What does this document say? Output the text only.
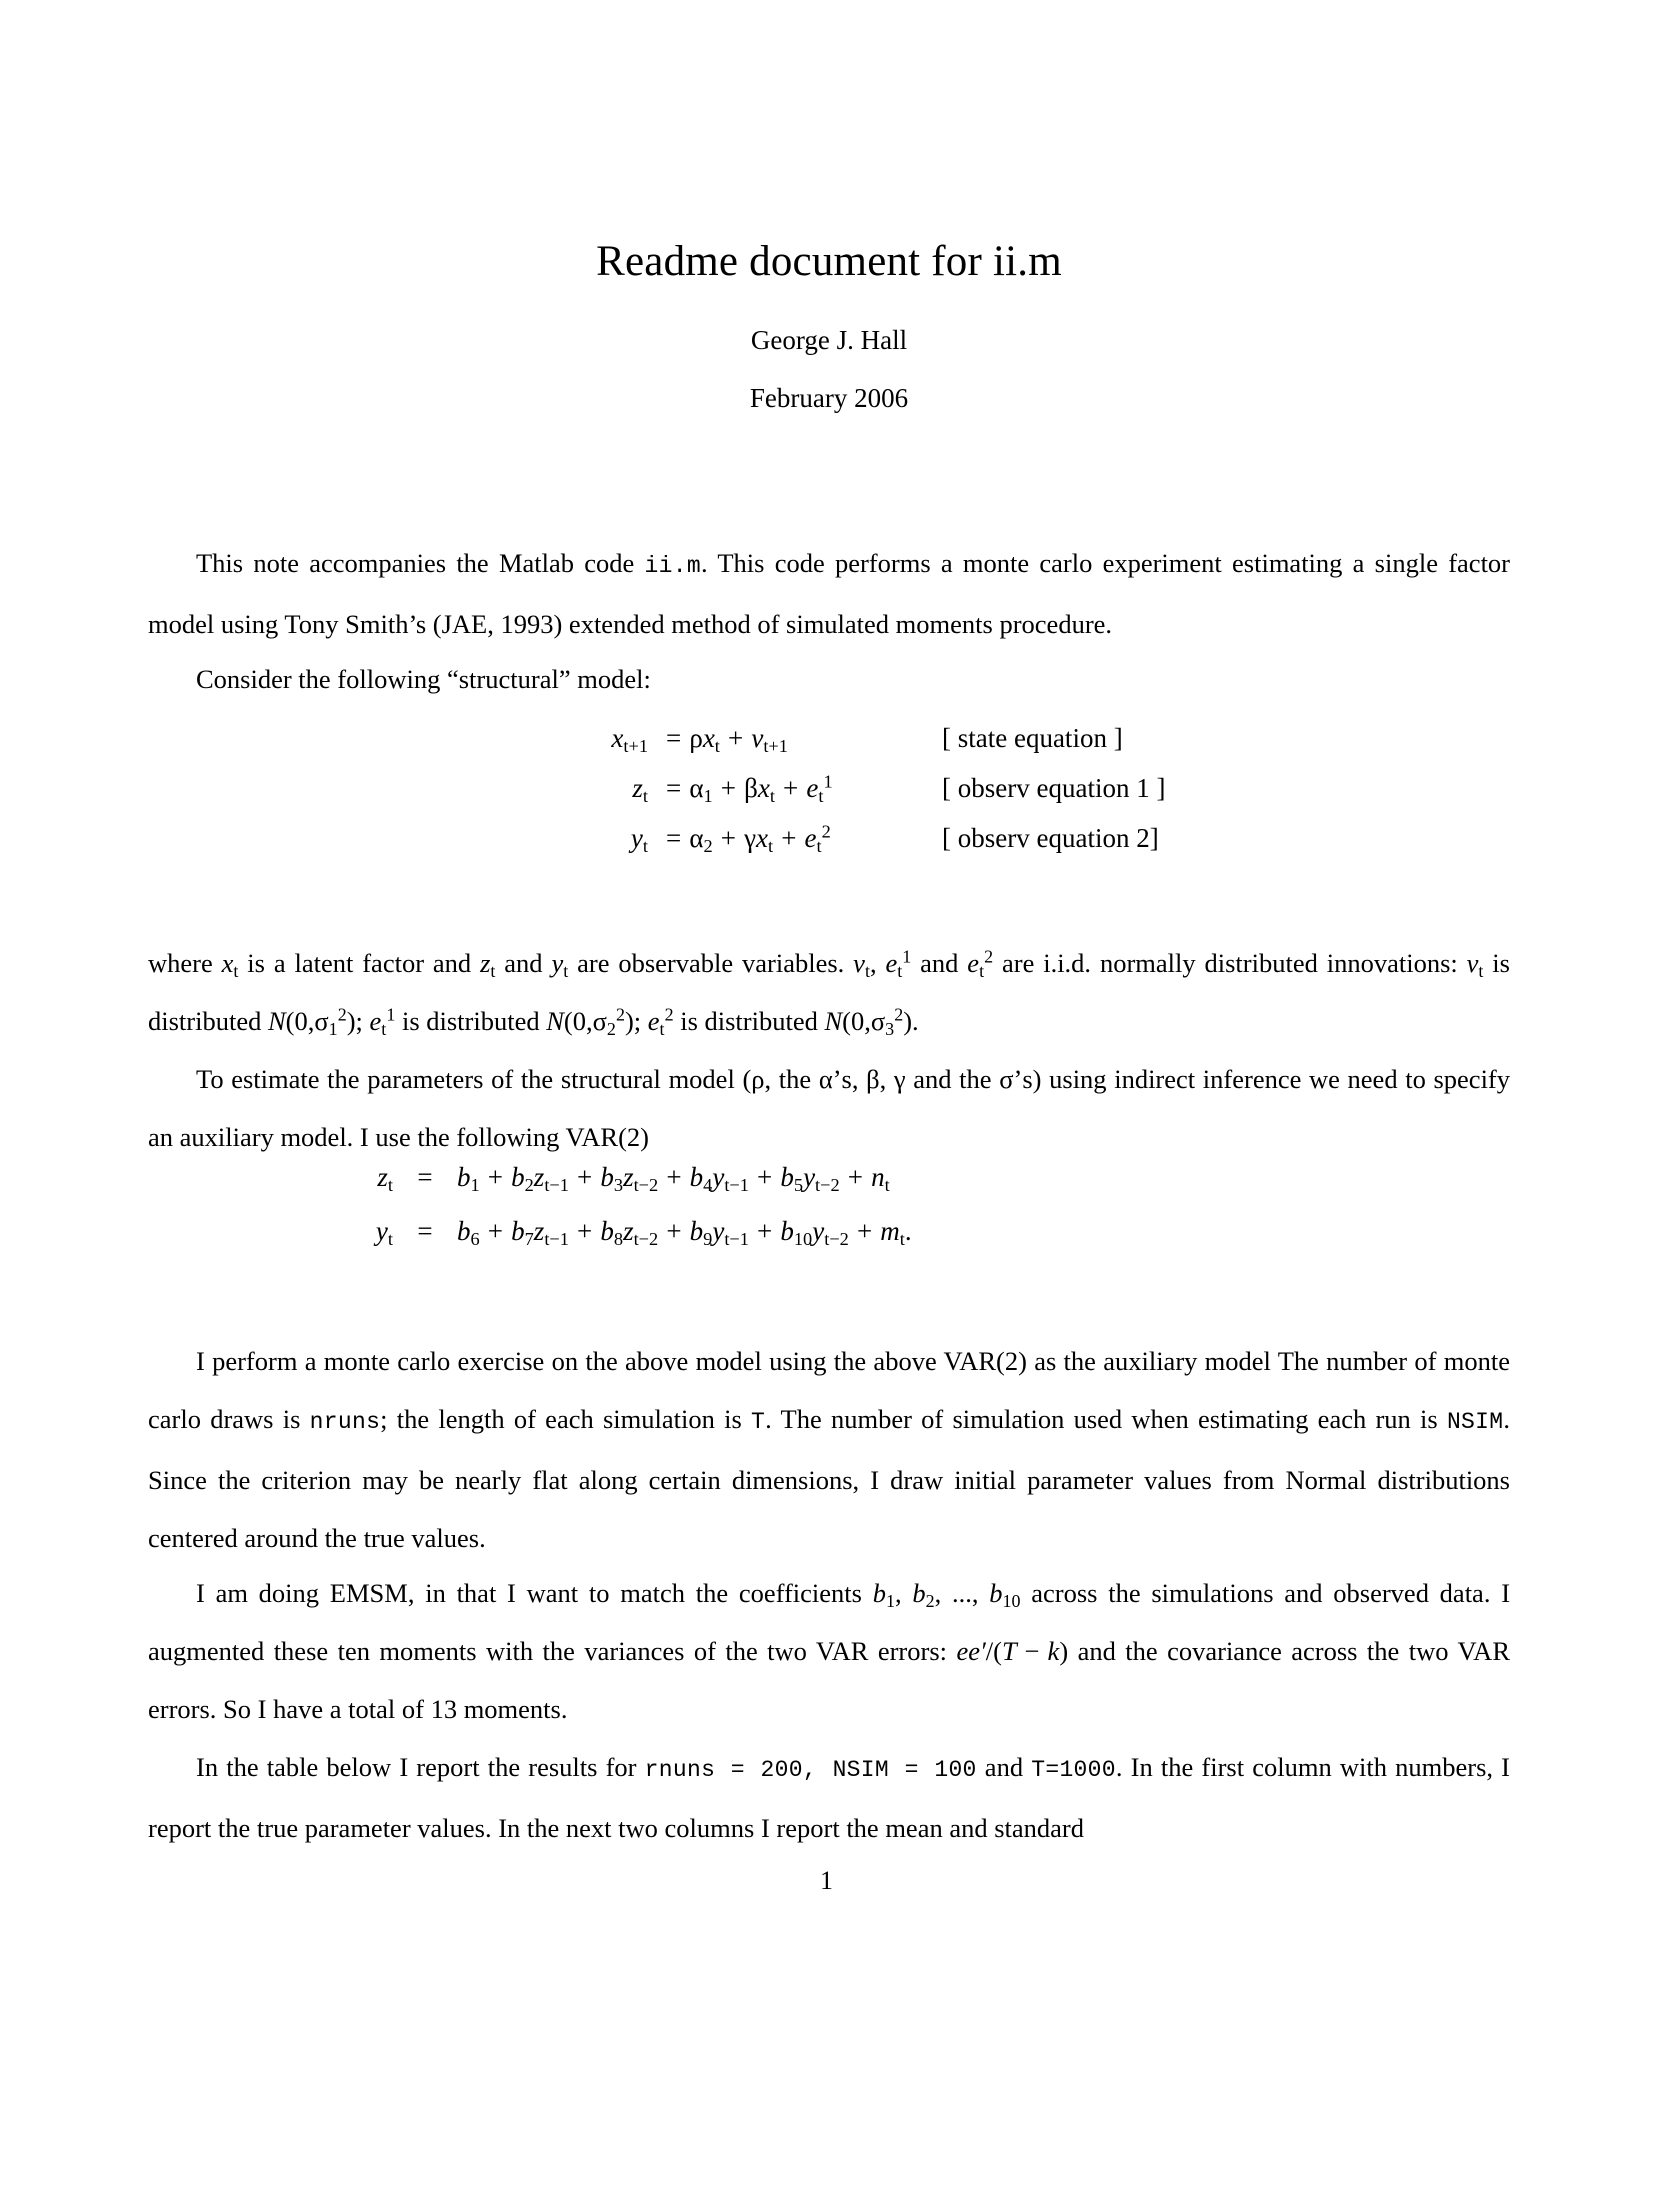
Readme document for ii.m
George J. Hall
February 2006
This note accompanies the Matlab code ii.m. This code performs a monte carlo experiment estimating a single factor model using Tony Smith’s (JAE, 1993) extended method of simulated moments procedure.
Consider the following “structural” model:
$x_{t+1} = \rho x_t + v_{t+1}$	[ state equation ]
$z_t = \alpha_1 + \beta x_t + e_t^1$	[ observ equation 1 ]
$y_t = \alpha_2 + \gamma x_t + e_t^2$	[ observ equation 2]
where $x_t$ is a latent factor and $z_t$ and $y_t$ are observable variables. $v_t$, $e_t^1$ and $e_t^2$ are i.i.d. normally distributed innovations: $v_t$ is distributed $N(0,\sigma_1^2)$; $e_t^1$ is distributed $N(0,\sigma_2^2)$; $e_t^2$ is distributed $N(0,\sigma_3^2)$.
To estimate the parameters of the structural model (ρ, the α’s, β, γ and the σ’s) using indirect inference we need to specify an auxiliary model. I use the following VAR(2)
$z_t = b_1 + b_2z_{t-1} + b_3z_{t-2} + b_4y_{t-1} + b_5y_{t-2} + n_t$
$y_t = b_6 + b_7z_{t-1} + b_8z_{t-2} + b_9y_{t-1} + b_{10}y_{t-2} + m_t$.
I perform a monte carlo exercise on the above model using the above VAR(2) as the auxiliary model The number of monte carlo draws is nruns; the length of each simulation is T. The number of simulation used when estimating each run is NSIM. Since the criterion may be nearly flat along certain dimensions, I draw initial parameter values from Normal distributions centered around the true values.
I am doing EMSM, in that I want to match the coefficients $b_1$, $b_2$, ..., $b_{10}$ across the simulations and observed data. I augmented these ten moments with the variances of the two VAR errors: ee′/(T − k) and the covariance across the two VAR errors. So I have a total of 13 moments.
In the table below I report the results for rnuns = 200, NSIM = 100 and T=1000. In the first column with numbers, I report the true parameter values. In the next two columns I report the mean and standard
1
